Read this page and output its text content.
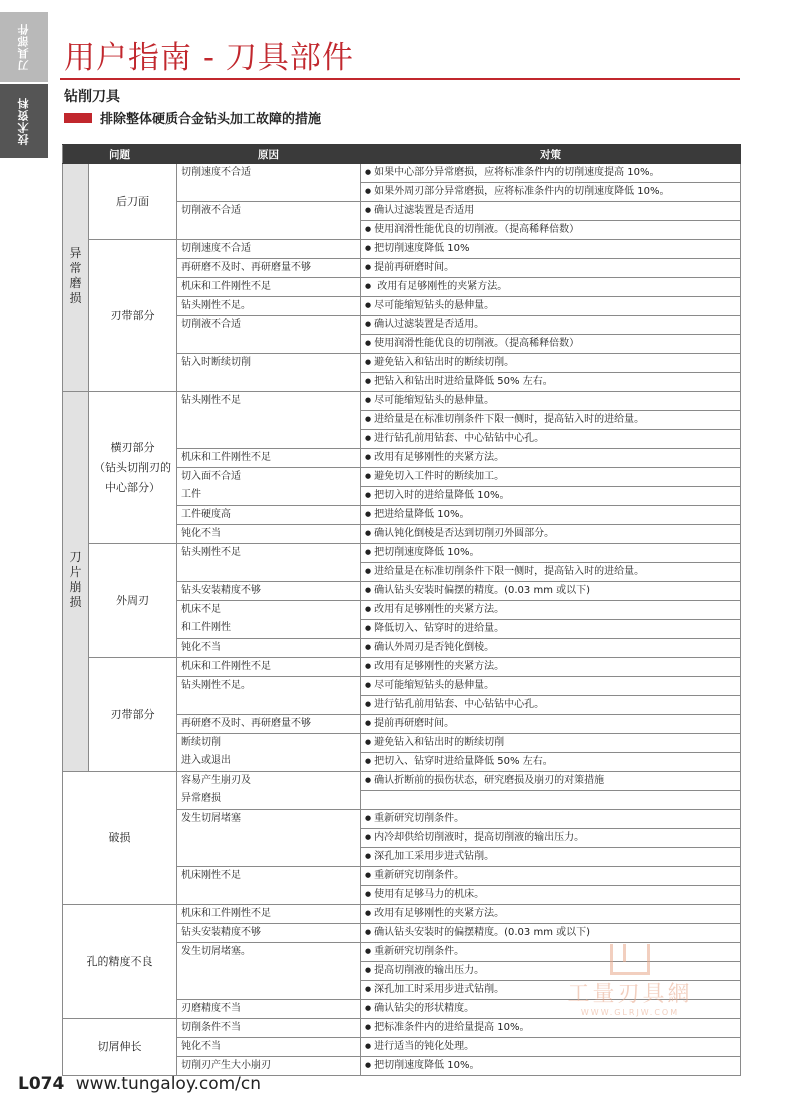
刀具部件
技术资料
用户指南 - 刀具部件
钻削刀具
排除整体硬质合金钻头加工故障的措施
问题		原因	对策
异常磨损	后刀面	切削速度不合适	● 如果中心部分异常磨损，应将标准条件内的切削速度提高 10%。
			● 如果外周刃部分异常磨损，应将标准条件内的切削速度降低 10%。
		切削液不合适	● 确认过滤装置是否适用
			● 使用润滑性能优良的切削液。（提高稀释倍数）
	刃带部分	切削速度不合适	● 把切削速度降低 10%
		再研磨不及时、再研磨量不够	● 提前再研磨时间。
		机床和工件刚性不足	● 改用有足够刚性的夹紧方法。
		钻头刚性不足。	● 尽可能缩短钻头的悬伸量。
		切削液不合适	● 确认过滤装置是否适用。
			● 使用润滑性能优良的切削液。（提高稀释倍数）
		钻入时断续切削	● 避免钻入和钻出时的断续切削。
			● 把钻入和钻出时进给量降低 50% 左右。
刀片崩损	横刃部分
（钻头切削刃的
中心部分）	钻头刚性不足	● 尽可能缩短钻头的悬伸量。
			● 进给量是在标准切削条件下限一侧时，提高钻入时的进给量。
			● 进行钻孔前用钻套、中心钻钻中心孔。
		机床和工件刚性不足	● 改用有足够刚性的夹紧方法。
		切入面不合适
工件	● 避免切入工件时的断续加工。
			● 把切入时的进给量降低 10%。
		工件硬度高	● 把进给量降低 10%。
		钝化不当	● 确认钝化倒棱是否达到切削刃外圆部分。
	外周刃	钻头刚性不足	● 把切削速度降低 10%。
			● 进给量是在标准切削条件下限一侧时，提高钻入时的进给量。
		钻头安装精度不够	● 确认钻头安装时偏摆的精度。(0.03 mm 或以下)
		机床不足
和工件刚性	● 改用有足够刚性的夹紧方法。
			● 降低切入、钻穿时的进给量。
		钝化不当	● 确认外周刃是否钝化倒棱。
	刃带部分	机床和工件刚性不足	● 改用有足够刚性的夹紧方法。
		钻头刚性不足。	● 尽可能缩短钻头的悬伸量。
			● 进行钻孔前用钻套、中心钻钻中心孔。
		再研磨不及时、再研磨量不够	● 提前再研磨时间。
		断续切削
进入或退出	● 避免钻入和钻出时的断续切削
			● 把切入、钻穿时进给量降低 50% 左右。
破损		容易产生崩刃及
异常磨损	● 确认折断前的损伤状态，研究磨损及崩刃的对策措施

		发生切屑堵塞	● 重新研究切削条件。
			● 内冷却供给切削液时，提高切削液的输出压力。
			● 深孔加工采用步进式钻削。
		机床刚性不足	● 重新研究切削条件。
			● 使用有足够马力的机床。
孔的精度不良		机床和工件刚性不足	● 改用有足够刚性的夹紧方法。
		钻头安装精度不够	● 确认钻头安装时的偏摆精度。(0.03 mm 或以下)
		发生切屑堵塞。	● 重新研究切削条件。
			● 提高切削液的输出压力。
			● 深孔加工时采用步进式钻削。
		刃磨精度不当	● 确认钻尖的形状精度。
切屑伸长		切削条件不当	● 把标准条件内的进给量提高 10%。
		钝化不当	● 进行适当的钝化处理。
		切削刃产生大小崩刃	● 把切削速度降低 10%。
工量刃具網
WWW.GLRJW.COM
L074 www.tungaloy.com/cn
